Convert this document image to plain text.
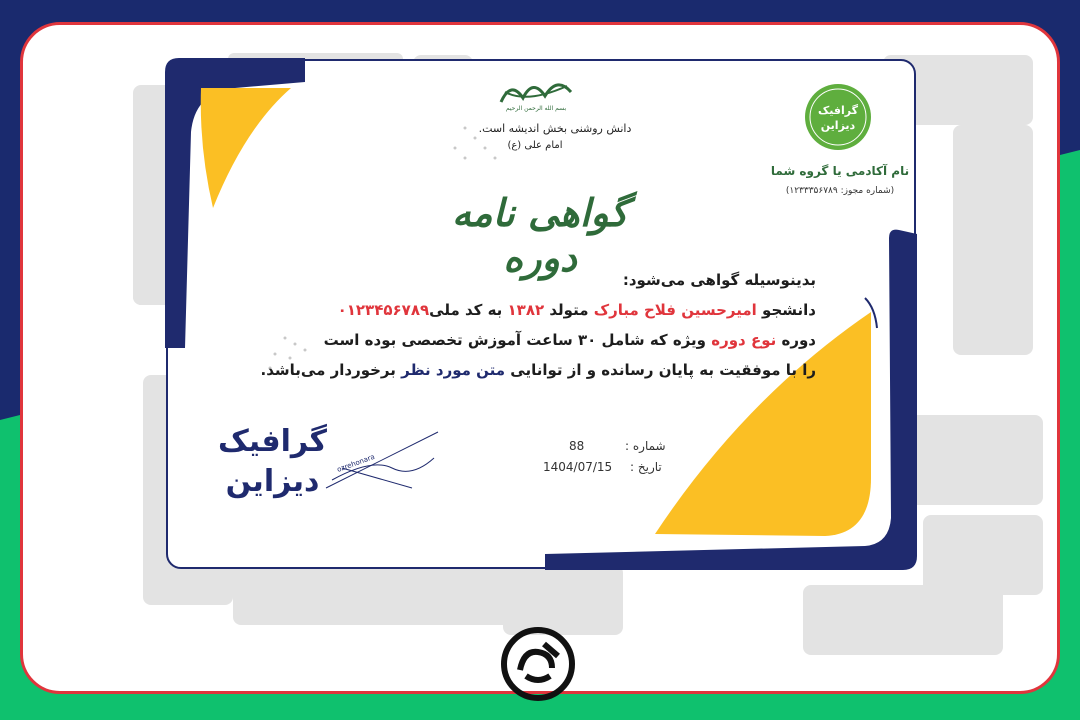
بسم الله الرحمن الرحیم
دانش روشنی بخش اندیشه است.
امام علی (ع)
گواهی نامه دوره
گرافیک
دیزاین
نام آکادمی یا گروه شما
(شماره مجوز: ۱۲۳۳۳۵۶۷۸۹)
بدینوسیله گواهی می‌شود:
دانشجو امیرحسین فلاح مبارک متولد ۱۳۸۲ به کد ملی۰۱۲۳۴۵۶۷۸۹
دوره نوع دوره ویژه که شامل ۳۰ ساعت آموزش تخصصی بوده است
را با موفقیت به پایان رسانده و از توانایی متن مورد نظر برخوردار می‌باشد.
شماره :
88
تاریخ :
1404/07/15
گرافیک
دیزاین
ozrehonara
